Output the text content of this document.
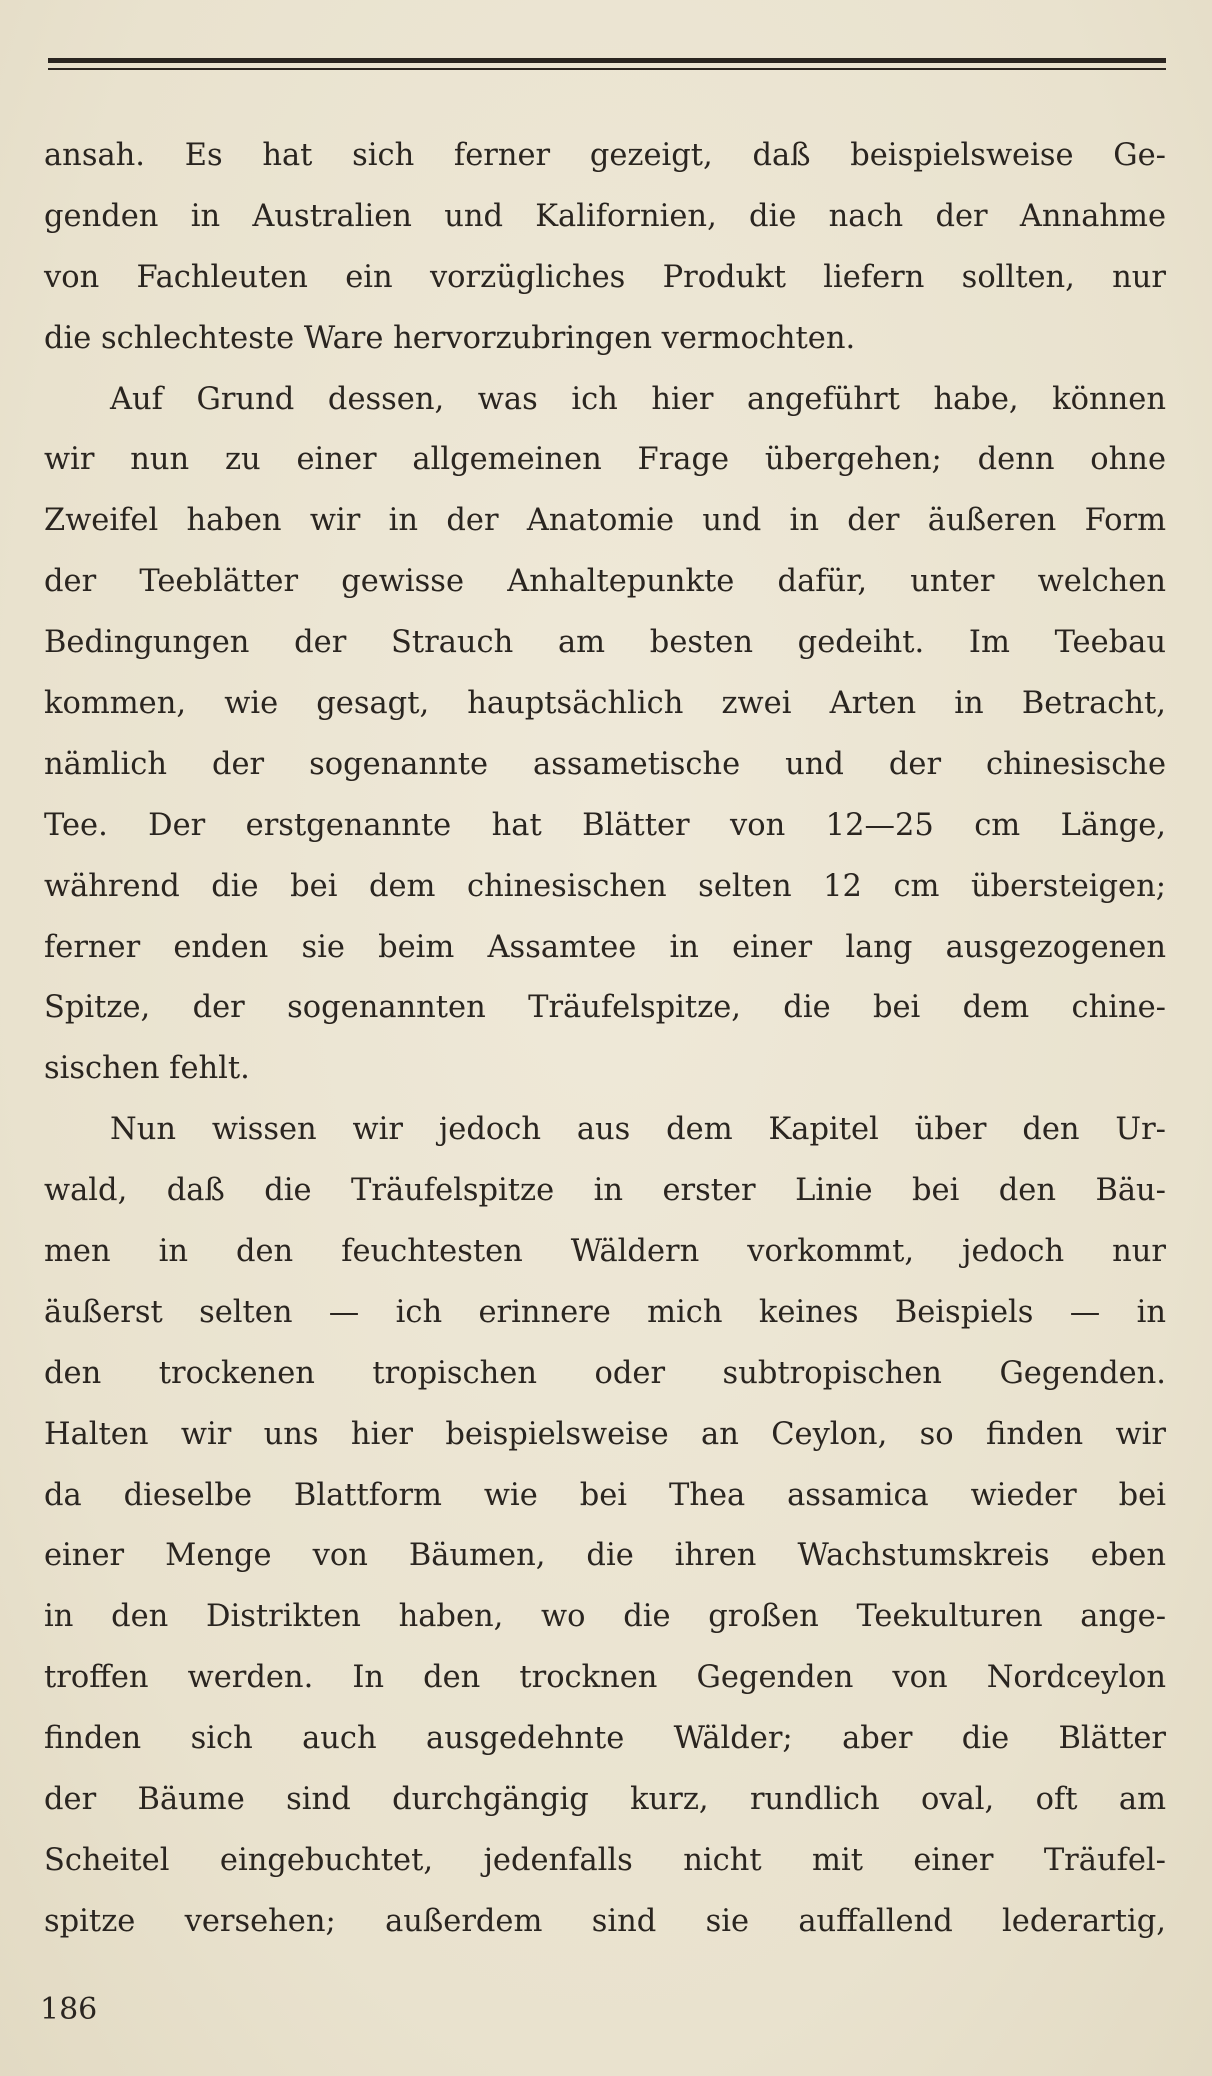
ansah. Es hat sich ferner gezeigt, daß beispielsweise Ge-
genden in Australien und Kalifornien, die nach der Annahme
von Fachleuten ein vorzügliches Produkt liefern sollten, nur
die schlechteste Ware hervorzubringen vermochten.
Auf Grund dessen, was ich hier angeführt habe, können
wir nun zu einer allgemeinen Frage übergehen; denn ohne
Zweifel haben wir in der Anatomie und in der äußeren Form
der Teeblätter gewisse Anhaltepunkte dafür, unter welchen
Bedingungen der Strauch am besten gedeiht. Im Teebau
kommen, wie gesagt, hauptsächlich zwei Arten in Betracht,
nämlich der sogenannte assametische und der chinesische
Tee. Der erstgenannte hat Blätter von 12—25 cm Länge,
während die bei dem chinesischen selten 12 cm übersteigen;
ferner enden sie beim Assamtee in einer lang ausgezogenen
Spitze, der sogenannten Träufelspitze, die bei dem chine-
sischen fehlt.
Nun wissen wir jedoch aus dem Kapitel über den Ur-
wald, daß die Träufelspitze in erster Linie bei den Bäu-
men in den feuchtesten Wäldern vorkommt, jedoch nur
äußerst selten — ich erinnere mich keines Beispiels — in
den trockenen tropischen oder subtropischen Gegenden.
Halten wir uns hier beispielsweise an Ceylon, so finden wir
da dieselbe Blattform wie bei Thea assamica wieder bei
einer Menge von Bäumen, die ihren Wachstumskreis eben
in den Distrikten haben, wo die großen Teekulturen ange-
troffen werden. In den trocknen Gegenden von Nordceylon
finden sich auch ausgedehnte Wälder; aber die Blätter
der Bäume sind durchgängig kurz, rundlich oval, oft am
Scheitel eingebuchtet, jedenfalls nicht mit einer Träufel-
spitze versehen; außerdem sind sie auffallend lederartig,
186
